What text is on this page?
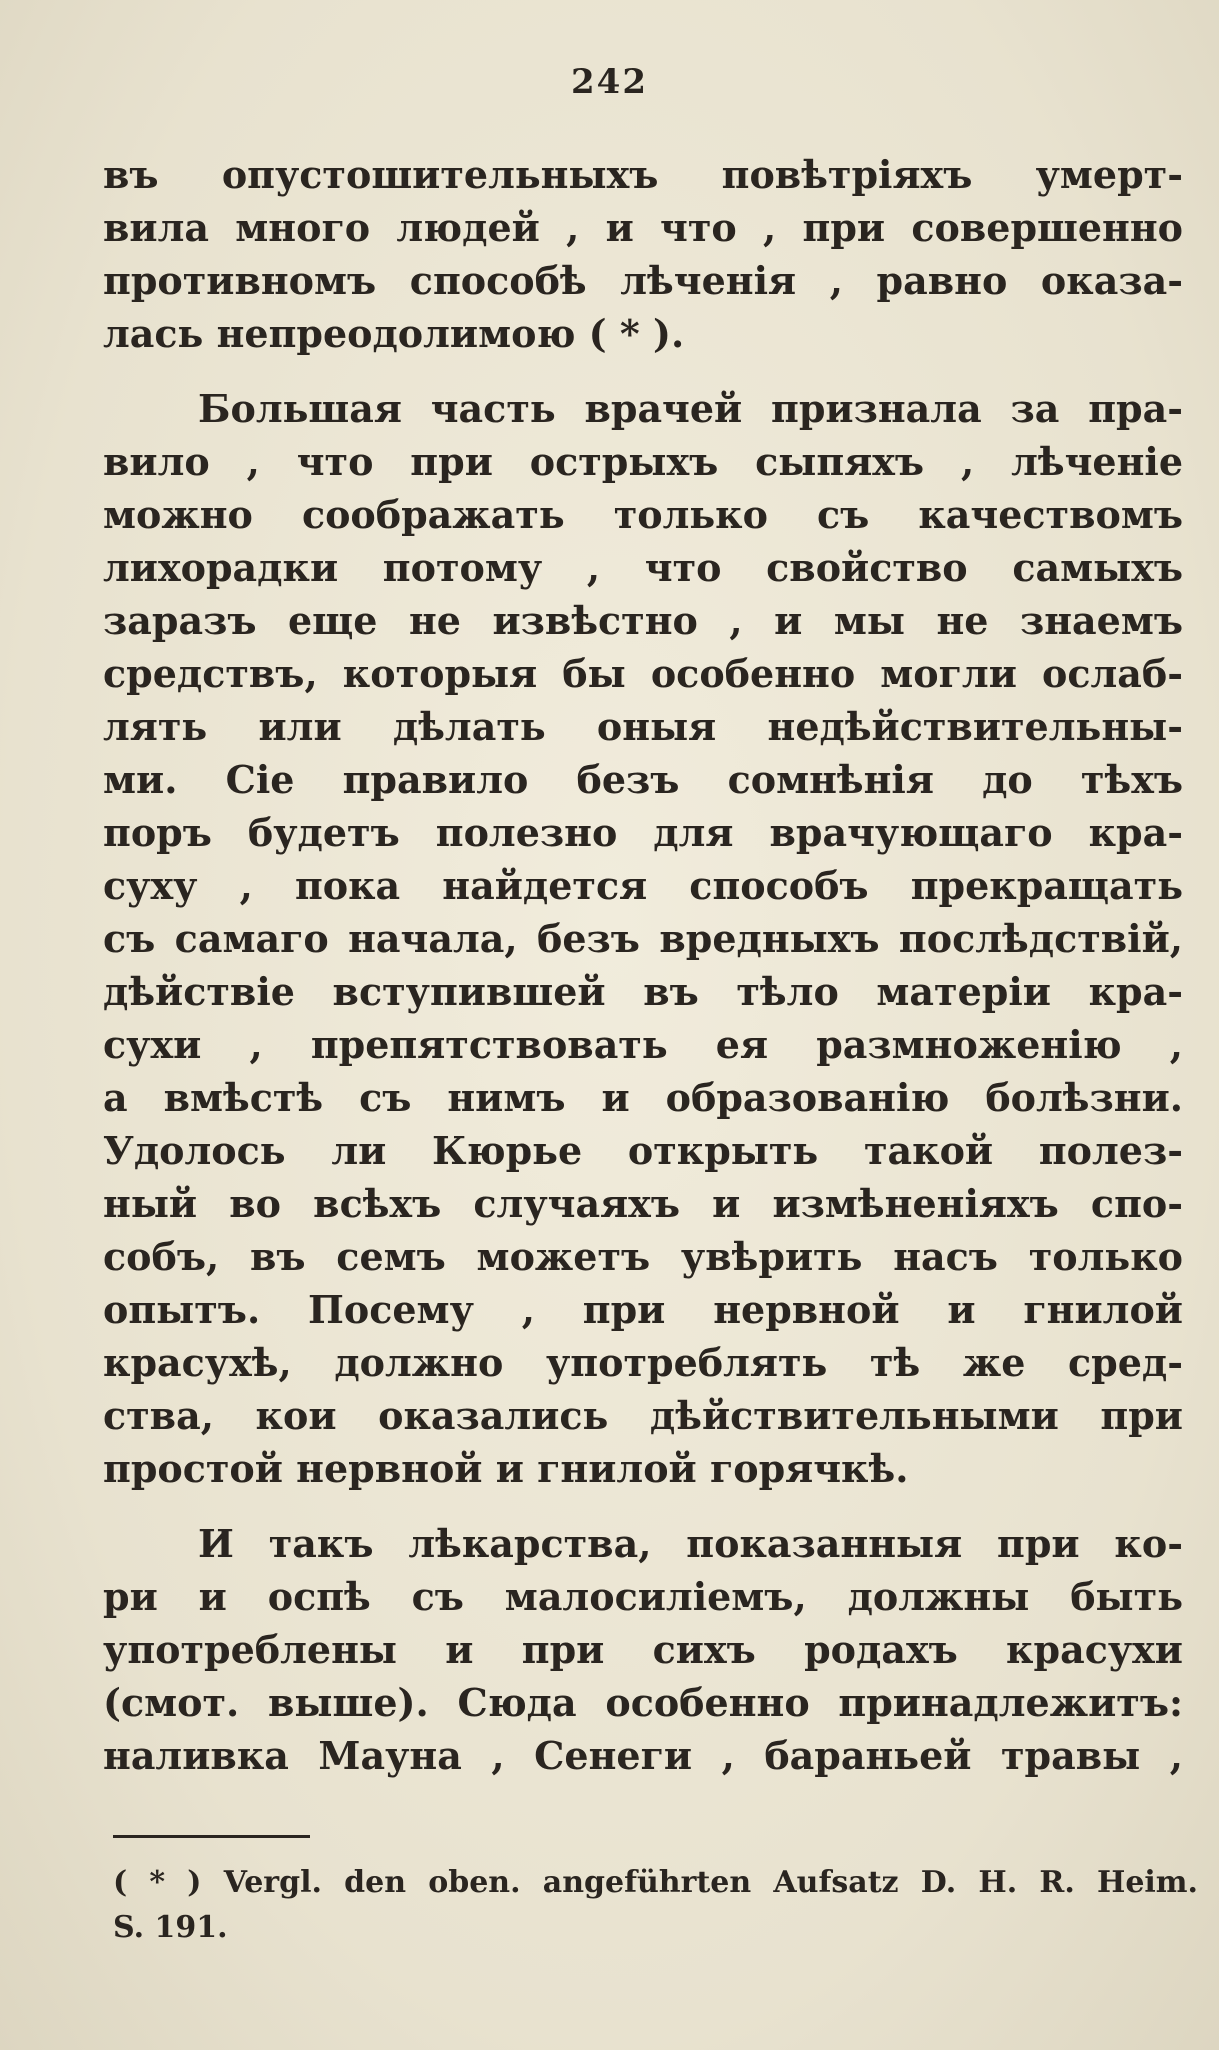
242
въ опустошительныхъ повѣтріяхъ умерт-
вила много людей , и что , при совершенно
противномъ способѣ лѣченія , равно оказа-
лась непреодолимою ( * ).
Большая часть врачей признала за пра-
вило , что при острыхъ сыпяхъ , лѣченіе
можно соображать только съ качествомъ
лихорадки потому , что свойство самыхъ
заразъ еще не извѣстно , и мы не знаемъ
средствъ, которыя бы особенно могли ослаб-
лять или дѣлать оныя недѣйствительны-
ми. Сіе правило безъ сомнѣнія до тѣхъ
поръ будетъ полезно для врачующаго кра-
суху , пока найдется способъ прекращать
съ самаго начала, безъ вредныхъ послѣдствій,
дѣйствіе вступившей въ тѣло матеріи кра-
сухи , препятствовать ея размноженію ,
а вмѣстѣ съ нимъ и образованію болѣзни.
Удолось ли Кюрье открыть такой полез-
ный во всѣхъ случаяхъ и измѣненіяхъ спо-
собъ, въ семъ можетъ увѣрить насъ только
опытъ. Посему , при нервной и гнилой
красухѣ, должно употреблять тѣ же сред-
ства, кои оказались дѣйствительными при
простой нервной и гнилой горячкѣ.
И такъ лѣкарства, показанныя при ко-
ри и оспѣ съ малосиліемъ, должны быть
употреблены и при сихъ родахъ красухи
(смот. выше). Сюда особенно принадлежитъ:
наливка Мауна , Сенеги , бараньей травы ,
( * ) Vergl. den oben. angeführten Aufsatz D. H. R. Heim.
S. 191.
